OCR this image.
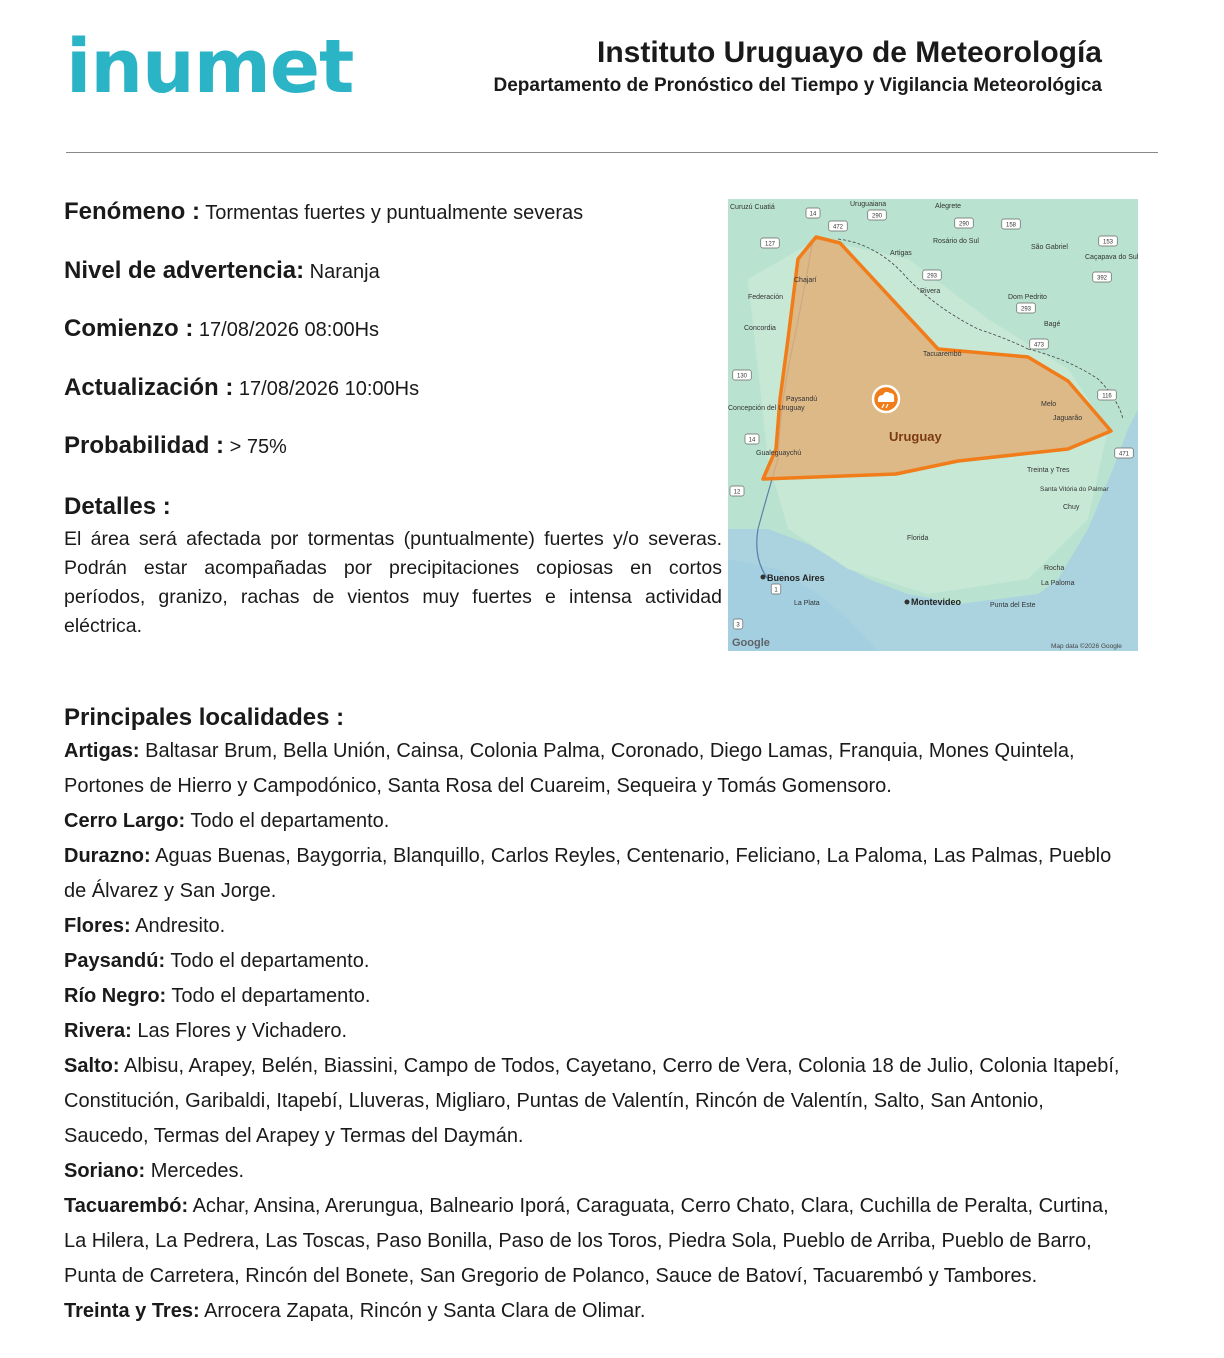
inumet	Instituto Uruguayo de Meteorología
Departamento de Pronóstico del Tiempo y Vigilancia Meteorológica
Fenómeno : Tormentas fuertes y puntualmente severas
Nivel de advertencia: Naranja
Comienzo : 17/08/2026 08:00Hs
Actualización : 17/08/2026 10:00Hs
Probabilidad : > 75%
Detalles :
El área será afectada por tormentas (puntualmente) fuertes y/o severas. Podrán estar acompañadas por precipitaciones copiosas en cortos períodos, granizo, rachas de vientos muy fuertes e intensa actividad eléctrica.
Curuzú Cuatiá	Uruguaiana	Alegrete
Rosário do Sul
São Gabriel
Caçapava do Sul
Artigas
Chajarí
Federación
Rivera
Dom Pedrito
Concordia
Bagé
Tacuarembó
Paysandú
Melo
Concepción del Uruguay
Jaguarão
Gualeguaychú
Treinta y Tres
Santa Vitória do Palmar
Chuy
Florida
Rocha
La Paloma
La Plata	Punta del Este
Buenos Aires
Montevideo
Uruguay
14
472
290
290	158
127	153
392
293
293
473
130
116
14
471
12
1
3
Google	Map data ©2026 Google
Principales localidades :
Artigas: Baltasar Brum, Bella Unión, Cainsa, Colonia Palma, Coronado, Diego Lamas, Franquia, Mones Quintela,
Portones de Hierro y Campodónico, Santa Rosa del Cuareim, Sequeira y Tomás Gomensoro.
Cerro Largo: Todo el departamento.
Durazno: Aguas Buenas, Baygorria, Blanquillo, Carlos Reyles, Centenario, Feliciano, La Paloma, Las Palmas, Pueblo
de Álvarez y San Jorge.
Flores: Andresito.
Paysandú: Todo el departamento.
Río Negro: Todo el departamento.
Rivera: Las Flores y Vichadero.
Salto: Albisu, Arapey, Belén, Biassini, Campo de Todos, Cayetano, Cerro de Vera, Colonia 18 de Julio, Colonia Itapebí,
Constitución, Garibaldi, Itapebí, Lluveras, Migliaro, Puntas de Valentín, Rincón de Valentín, Salto, San Antonio,
Saucedo, Termas del Arapey y Termas del Daymán.
Soriano: Mercedes.
Tacuarembó: Achar, Ansina, Arerungua, Balneario Iporá, Caraguata, Cerro Chato, Clara, Cuchilla de Peralta, Curtina,
La Hilera, La Pedrera, Las Toscas, Paso Bonilla, Paso de los Toros, Piedra Sola, Pueblo de Arriba, Pueblo de Barro,
Punta de Carretera, Rincón del Bonete, San Gregorio de Polanco, Sauce de Batoví, Tacuarembó y Tambores.
Treinta y Tres: Arrocera Zapata, Rincón y Santa Clara de Olimar.
